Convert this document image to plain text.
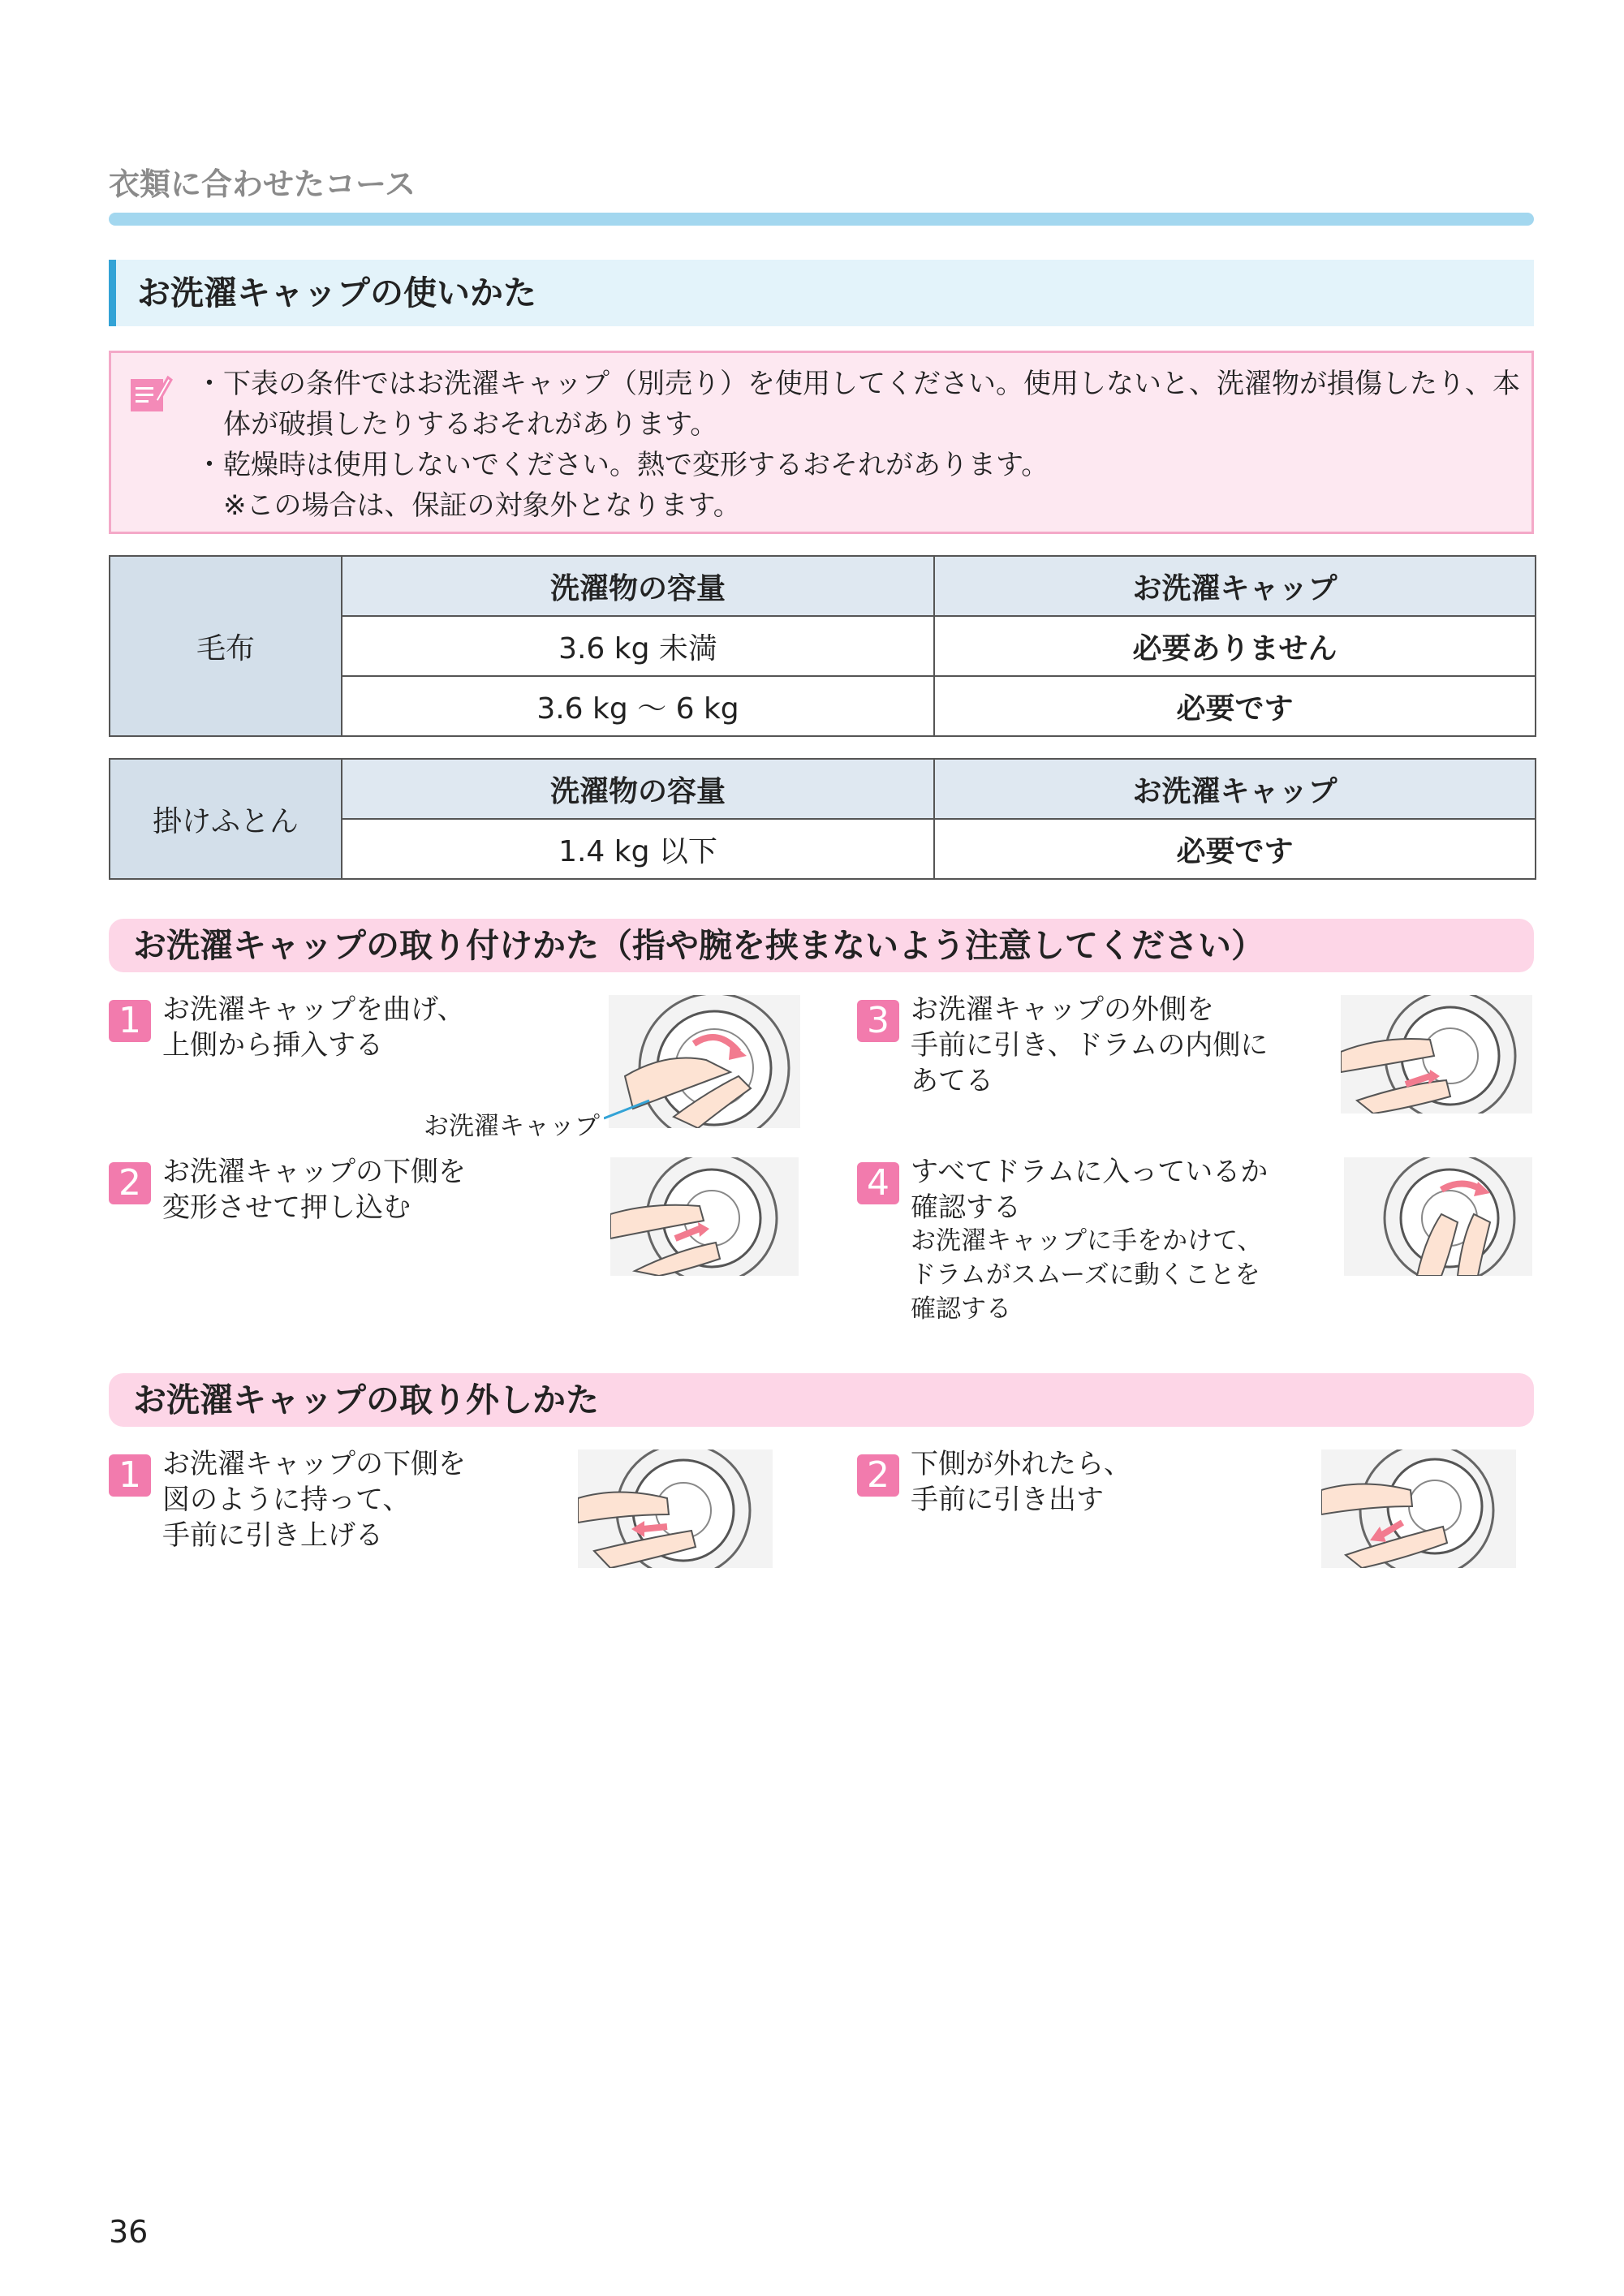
衣類に合わせたコース
お洗濯キャップの使いかた
・下表の条件ではお洗濯キャップ（別売り）を使用してください。使用しないと、洗濯物が損傷したり、本
体が破損したりするおそれがあります。
・乾燥時は使用しないでください。熱で変形するおそれがあります。
※この場合は、保証の対象外となります。
毛布	洗濯物の容量	お洗濯キャップ
	3.6 kg 未満	必要ありません
	3.6 kg ～ 6 kg	必要です
掛けふとん	洗濯物の容量	お洗濯キャップ
	1.4 kg 以下	必要です
お洗濯キャップの取り付けかた（指や腕を挟まないよう注意してください）
1 お洗濯キャップを曲げ、
上側から挿入する
お洗濯キャップ
3 お洗濯キャップの外側を
手前に引き、ドラムの内側に
あてる
2 お洗濯キャップの下側を
変形させて押し込む
4 すべてドラムに入っているか
確認する
お洗濯キャップに手をかけて、
ドラムがスムーズに動くことを
確認する
お洗濯キャップの取り外しかた
1 お洗濯キャップの下側を
図のように持って、
手前に引き上げる
2 下側が外れたら、
手前に引き出す
36
